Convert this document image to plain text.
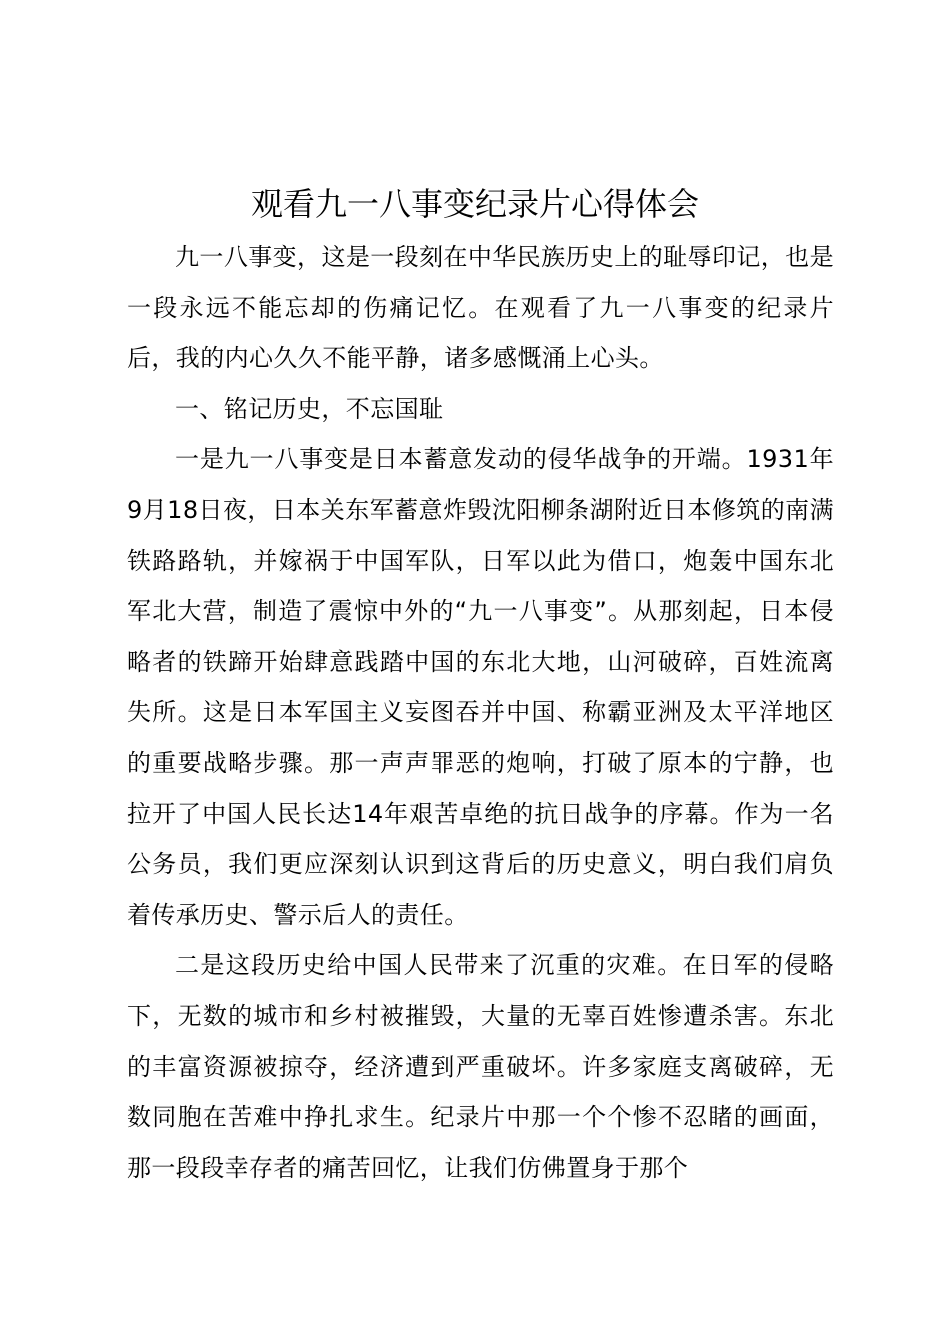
观看九一八事变纪录片心得体会

九一八事变，这是一段刻在中华民族历史上的耻辱印记，也是一段永远不能忘却的伤痛记忆。在观看了九一八事变的纪录片后，我的内心久久不能平静，诸多感慨涌上心头。

一、铭记历史，不忘国耻

一是九一八事变是日本蓄意发动的侵华战争的开端。1931年9月18日夜，日本关东军蓄意炸毁沈阳柳条湖附近日本修筑的南满铁路路轨，并嫁祸于中国军队，日军以此为借口，炮轰中国东北军北大营，制造了震惊中外的“九一八事变”。从那刻起，日本侵略者的铁蹄开始肆意践踏中国的东北大地，山河破碎，百姓流离失所。这是日本军国主义妄图吞并中国、称霸亚洲及太平洋地区的重要战略步骤。那一声声罪恶的炮响，打破了原本的宁静，也拉开了中国人民长达14年艰苦卓绝的抗日战争的序幕。作为一名公务员，我们更应深刻认识到这背后的历史意义，明白我们肩负着传承历史、警示后人的责任。

二是这段历史给中国人民带来了沉重的灾难。在日军的侵略下，无数的城市和乡村被摧毁，大量的无辜百姓惨遭杀害。东北的丰富资源被掠夺，经济遭到严重破坏。许多家庭支离破碎，无数同胞在苦难中挣扎求生。纪录片中那一个个惨不忍睹的画面，那一段段幸存者的痛苦回忆，让我们仿佛置身于那个
